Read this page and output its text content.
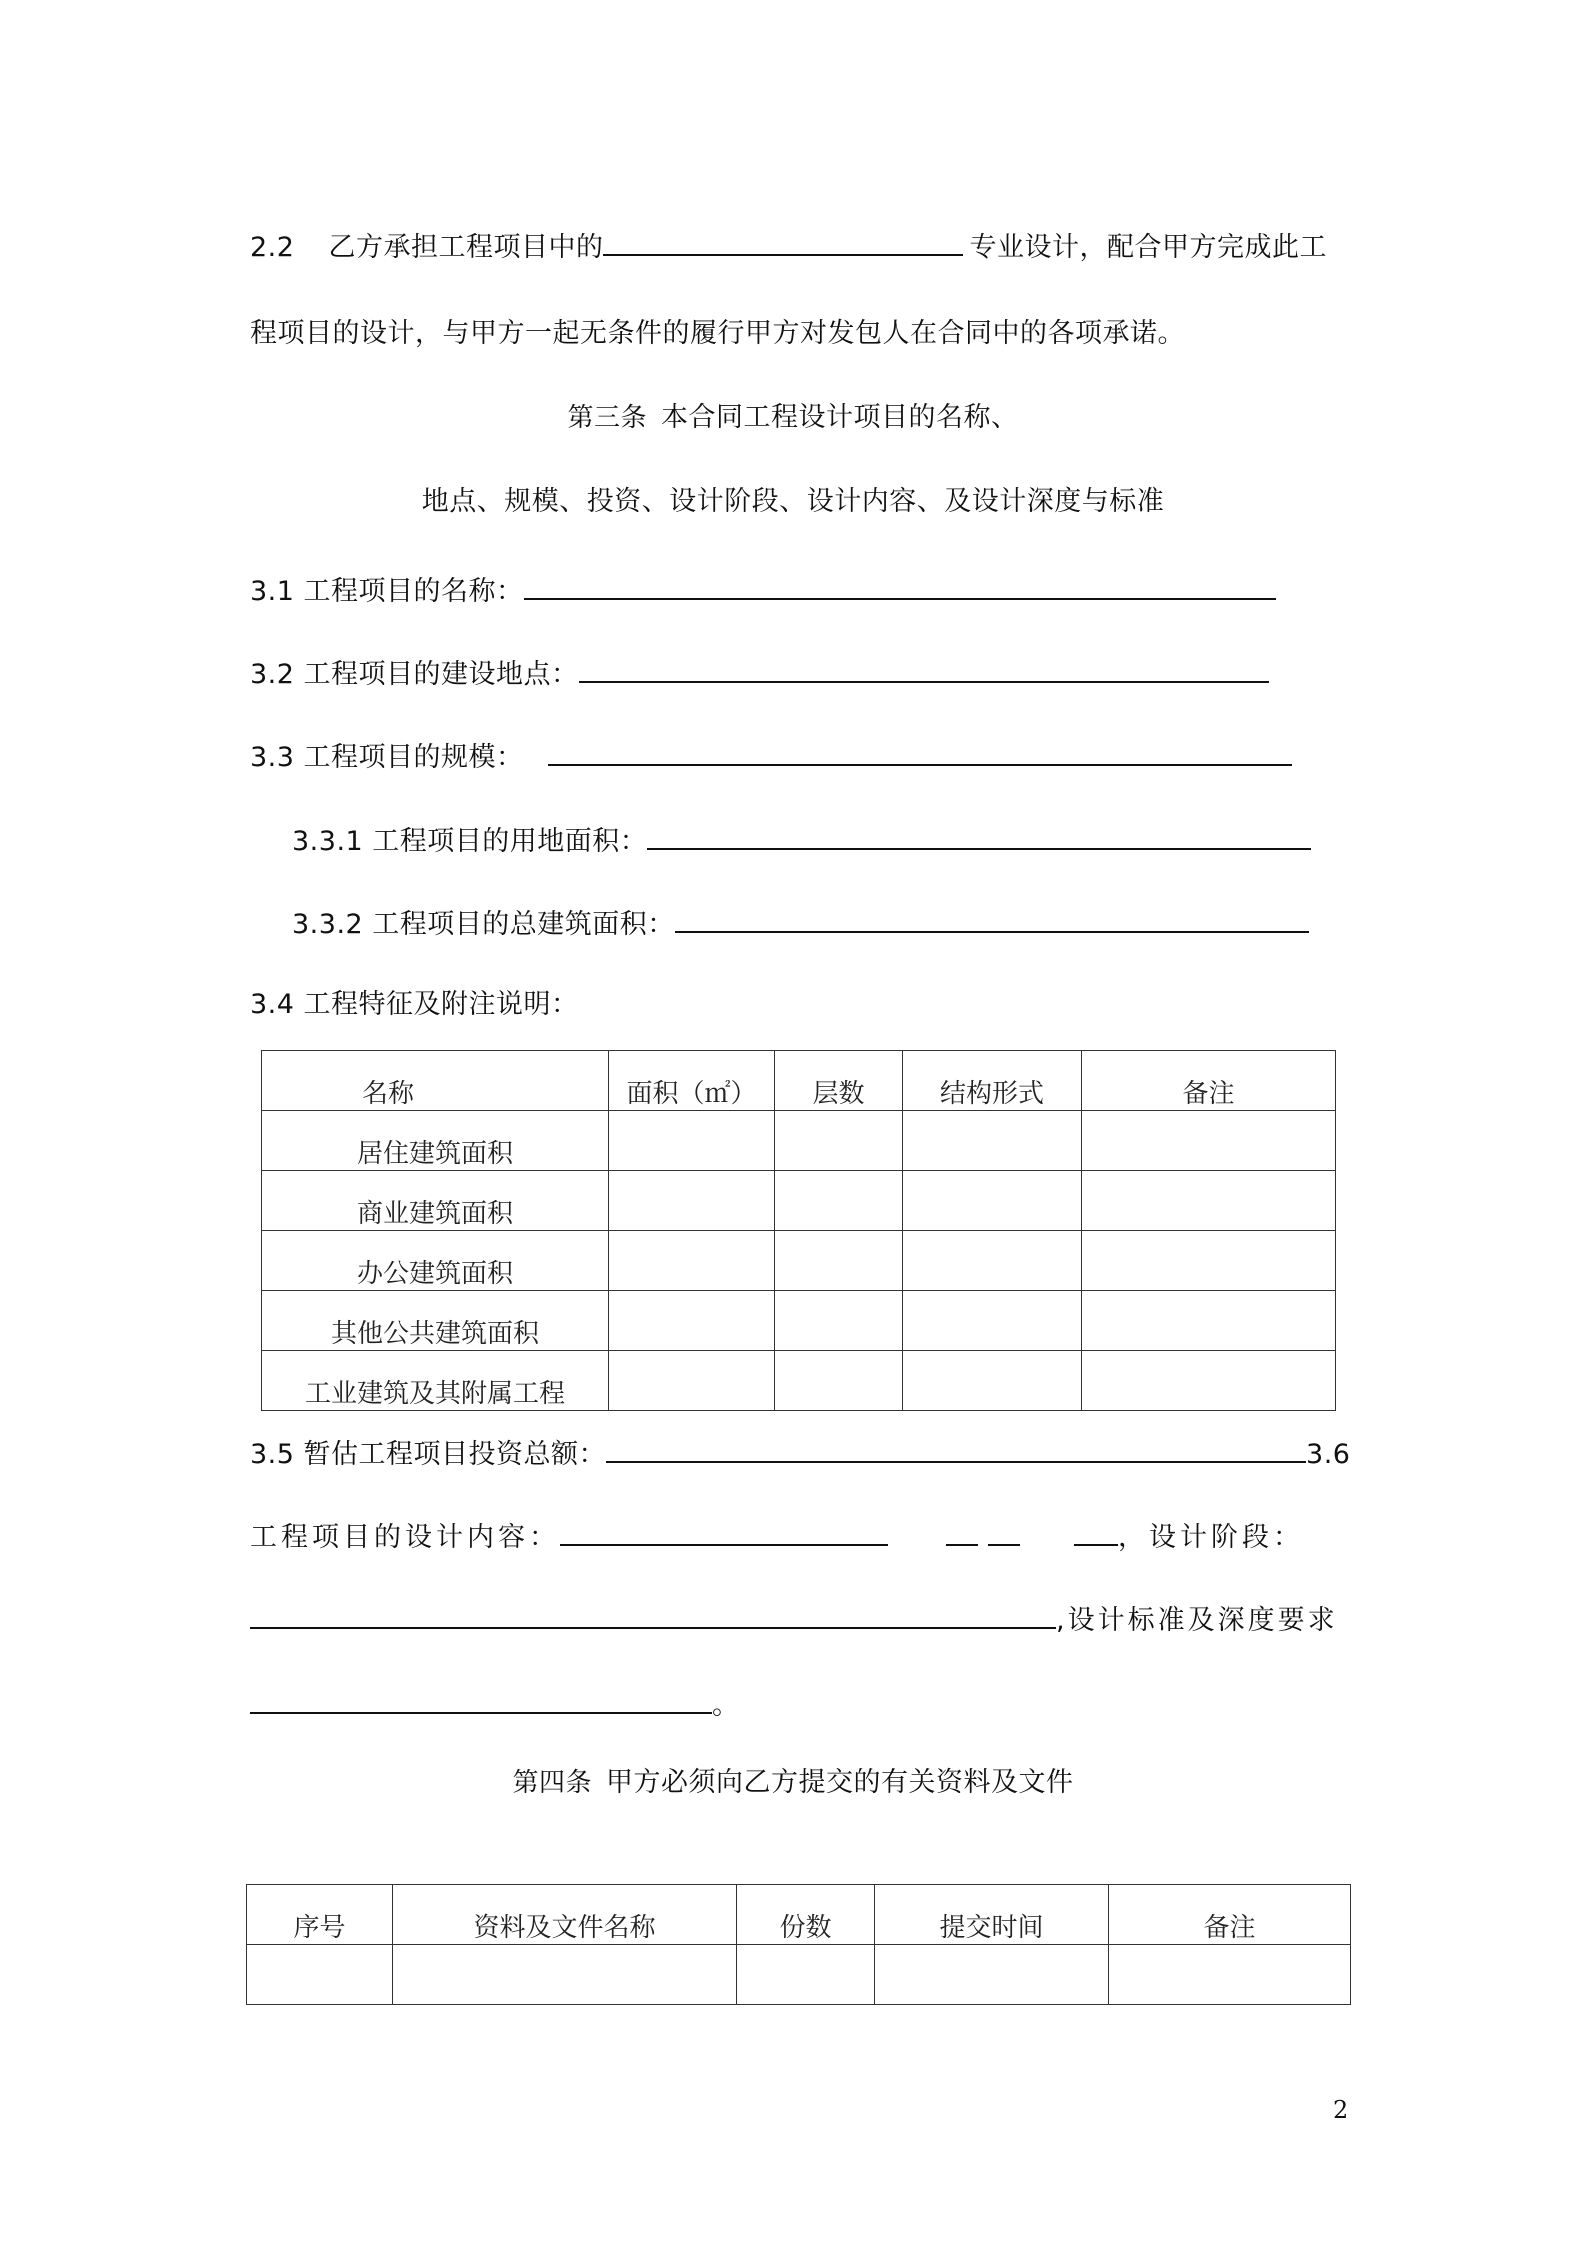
2.2 乙方承担工程项目中的	专业设计，配合甲方完成此工
程项目的设计，与甲方一起无条件的履行甲方对发包人在合同中的各项承诺。
第三条 本合同工程设计项目的名称、
地点、规模、投资、设计阶段、设计内容、及设计深度与标准
3.1 工程项目的名称：
3.2 工程项目的建设地点：
3.3 工程项目的规模：
3.3.1 工程项目的用地面积：
3.3.2 工程项目的总建筑面积：
3.4 工程特征及附注说明：
名称	面积（㎡）	层数	结构形式	备注
居住建筑面积				
商业建筑面积				
办公建筑面积				
其他公共建筑面积				
工业建筑及其附属工程				
3.5 暂估工程项目投资总额：	3.6
工程项目的设计内容：	，设计阶段：
,设计标准及深度要求
。
第四条 甲方必须向乙方提交的有关资料及文件
序号	资料及文件名称	份数	提交时间	备注

2
